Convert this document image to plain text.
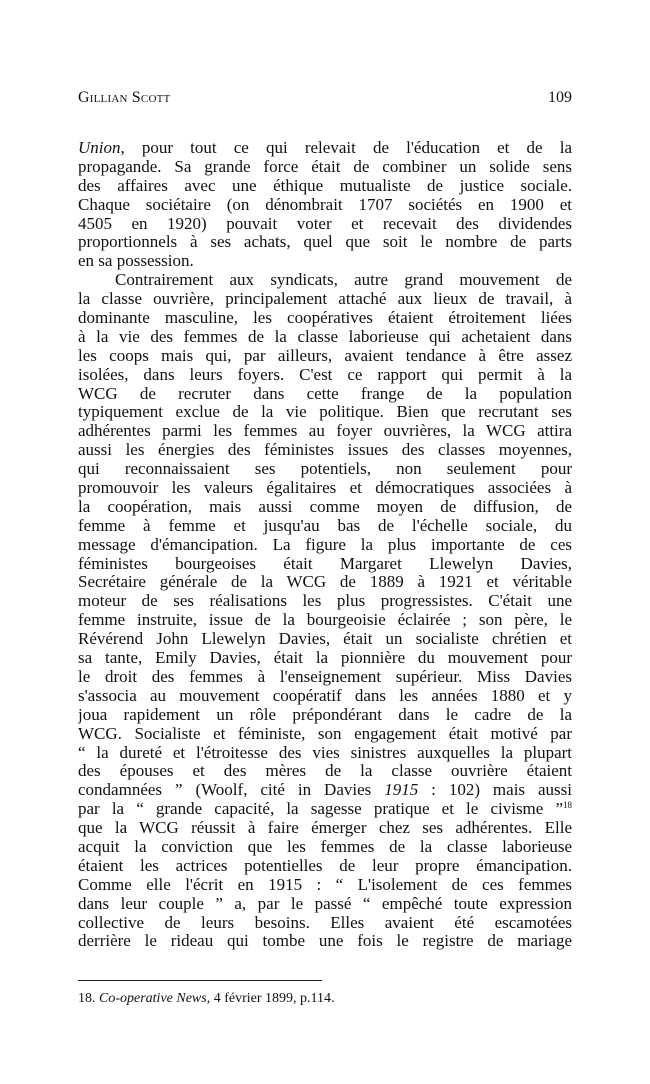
Gillian Scott	109
Union, pour tout ce qui relevait de l'éducation et de la
propagande. Sa grande force était de combiner un solide sens
des affaires avec une éthique mutualiste de justice sociale.
Chaque sociétaire (on dénombrait 1707 sociétés en 1900 et
4505 en 1920) pouvait voter et recevait des dividendes
proportionnels à ses achats, quel que soit le nombre de parts
en sa possession.
Contrairement aux syndicats, autre grand mouvement de
la classe ouvrière, principalement attaché aux lieux de travail, à
dominante masculine, les coopératives étaient étroitement liées
à la vie des femmes de la classe laborieuse qui achetaient dans
les coops mais qui, par ailleurs, avaient tendance à être assez
isolées, dans leurs foyers. C'est ce rapport qui permit à la
WCG de recruter dans cette frange de la population
typiquement exclue de la vie politique. Bien que recrutant ses
adhérentes parmi les femmes au foyer ouvrières, la WCG attira
aussi les énergies des féministes issues des classes moyennes,
qui reconnaissaient ses potentiels, non seulement pour
promouvoir les valeurs égalitaires et démocratiques associées à
la coopération, mais aussi comme moyen de diffusion, de
femme à femme et jusqu'au bas de l'échelle sociale, du
message d'émancipation. La figure la plus importante de ces
féministes bourgeoises était Margaret Llewelyn Davies,
Secrétaire générale de la WCG de 1889 à 1921 et véritable
moteur de ses réalisations les plus progressistes. C'était une
femme instruite, issue de la bourgeoisie éclairée ; son père, le
Révérend John Llewelyn Davies, était un socialiste chrétien et
sa tante, Emily Davies, était la pionnière du mouvement pour
le droit des femmes à l'enseignement supérieur. Miss Davies
s'associa au mouvement coopératif dans les années 1880 et y
joua rapidement un rôle prépondérant dans le cadre de la
WCG. Socialiste et féministe, son engagement était motivé par
“ la dureté et l'étroitesse des vies sinistres auxquelles la plupart
des épouses et des mères de la classe ouvrière étaient
condamnées ” (Woolf, cité in Davies 1915 : 102) mais aussi
par la “ grande capacité, la sagesse pratique et le civisme ”$^{18}$
que la WCG réussit à faire émerger chez ses adhérentes. Elle
acquit la conviction que les femmes de la classe laborieuse
étaient les actrices potentielles de leur propre émancipation.
Comme elle l'écrit en 1915 : “ L'isolement de ces femmes
dans leur couple ” a, par le passé “ empêché toute expression
collective de leurs besoins. Elles avaient été escamotées
derrière le rideau qui tombe une fois le registre de mariage
18. Co-operative News, 4 février 1899, p.114.
